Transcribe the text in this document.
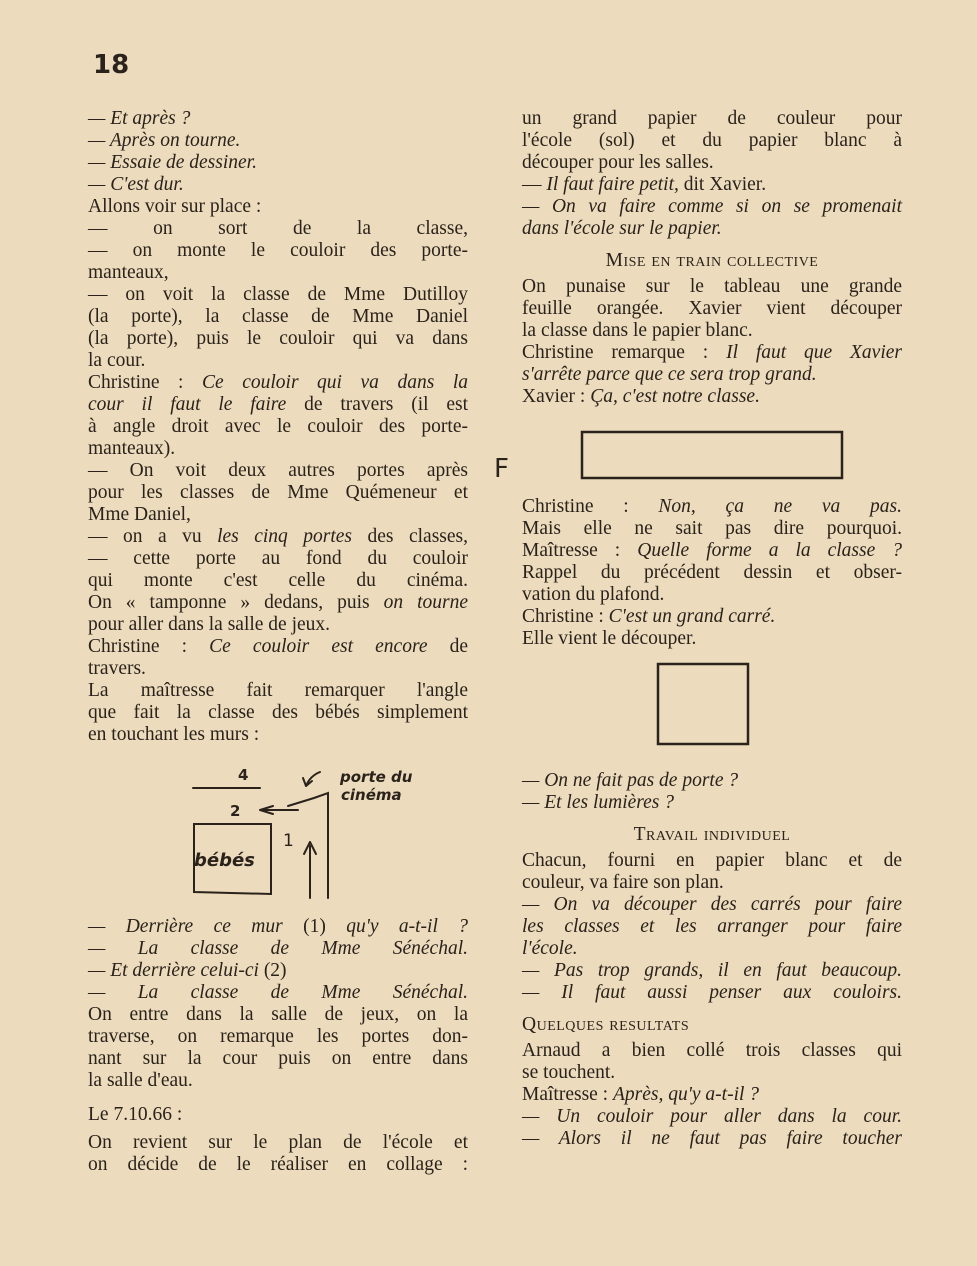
18

— Et après ?

— Après on tourne.

— Essaie de dessiner.

— C'est dur.

Allons voir sur place :

— on sort de la classe,

— on monte le couloir des porte-

manteaux,

— on voit la classe de Mme Dutilloy

(la porte), la classe de Mme Daniel

(la porte), puis le couloir qui va dans

la cour.

Christine : Ce couloir qui va dans la

cour il faut le faire de travers (il est

à angle droit avec le couloir des porte-

manteaux).

— On voit deux autres portes après

pour les classes de Mme Quémeneur et

Mme Daniel,

— on a vu les cinq portes des classes,

— cette porte au fond du couloir

qui monte c'est celle du cinéma.

On « tamponne » dedans, puis on tourne

pour aller dans la salle de jeux.

Christine : Ce couloir est encore de

travers.

La maîtresse fait remarquer l'angle

que fait la classe des bébés simplement

en touchant les murs :

4
2
1
bébés
porte du
cinéma

— Derrière ce mur (1) qu'y a-t-il ?

— La classe de Mme Sénéchal.

— Et derrière celui-ci (2)

— La classe de Mme Sénéchal.

On entre dans la salle de jeux, on la

traverse, on remarque les portes don-

nant sur la cour puis on entre dans

la salle d'eau.

Le 7.10.66 :

On revient sur le plan de l'école et

on décide de le réaliser en collage :

F

un grand papier de couleur pour

l'école (sol) et du papier blanc à

découper pour les salles.

— Il faut faire petit, dit Xavier.

— On va faire comme si on se promenait

dans l'école sur le papier.

Mise en train collective

On punaise sur le tableau une grande

feuille orangée. Xavier vient découper

la classe dans le papier blanc.

Christine remarque : Il faut que Xavier

s'arrête parce que ce sera trop grand.

Xavier : Ça, c'est notre classe.

Christine : Non, ça ne va pas.

Mais elle ne sait pas dire pourquoi.

Maîtresse : Quelle forme a la classe ?

Rappel du précédent dessin et obser-

vation du plafond.

Christine : C'est un grand carré.

Elle vient le découper.

— On ne fait pas de porte ?

— Et les lumières ?

Travail individuel

Chacun, fourni en papier blanc et de

couleur, va faire son plan.

— On va découper des carrés pour faire

les classes et les arranger pour faire

l'école.

— Pas trop grands, il en faut beaucoup.

— Il faut aussi penser aux couloirs.

Quelques resultats

Arnaud a bien collé trois classes qui

se touchent.

Maîtresse : Après, qu'y a-t-il ?

— Un couloir pour aller dans la cour.

— Alors il ne faut pas faire toucher
